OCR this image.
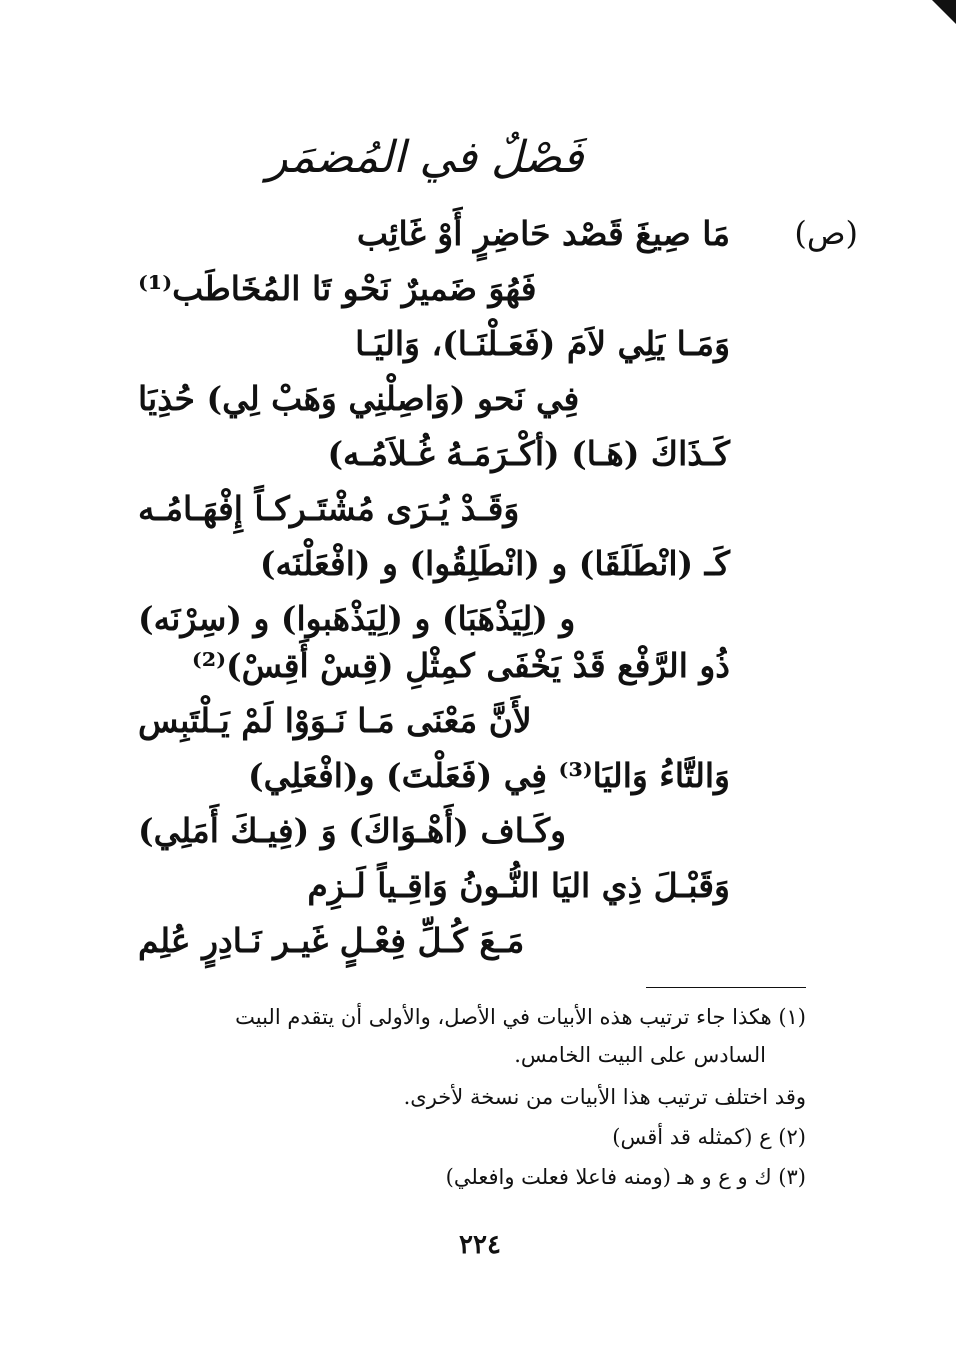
فَصْلٌ في المُضمَر
(ص)
مَا صِيغَ قَصْد حَاضِرٍ أَوْ غَائِب
فَهُوَ ضَميرٌ نَحْو تَا المُخَاطَب⁽¹⁾
وَمَـا يَلِي لاَمَ (فَعَـلْنَـا)، وَاليَـا
فِي نَحو (وَاصِلْنِي وَهَبْ لِي) حُذِيَا
كَـذَاكَ (هَـا) (أكْـرَمَـهُ غُـلاَمُـه)
وَقَـدْ يُـرَى مُشْتَـركـاً إِفْهَـامُـه
كَـ (انْطَلَقَا) و (انْطَلِقُوا) و (افْعَلْنَه)
و (لِيَذْهَبَا) و (لِيَذْهَبوا) و (سِرْنَه)
ذُو الرَّفْع قَدْ يَخْفَى كمِثْلِ (قِسْ أَقِسْ)⁽²⁾
لأَنَّ مَعْنَى مَـا نَـوَوْا لَمْ يَـلْتَبِس
وَالتَّاءُ وَاليَا⁽³⁾ فِي (فَعَلْتَ) و(افْعَلِي)
وكَـاف (أَهْـوَاكَ) وَ (فِيـكَ أَمَلِي)
وَقَبْـلَ ذِي اليَا النُّـونُ وَاقِـياً لَـزِم
مَـعَ كُـلِّ فِعْـلٍ غَيـر نَـادِرٍ عُلِم
(١) هكذا جاء ترتيب هذه الأبيات في الأصل، والأولى أن يتقدم البيت
السادس على البيت الخامس.
وقد اختلف ترتيب هذا الأبيات من نسخة لأخرى.
(٢) ع (كمثله قد أقس)
(٣) ك و ع و هـ (ومنه فاعلا فعلت وافعلي)
٢٢٤
